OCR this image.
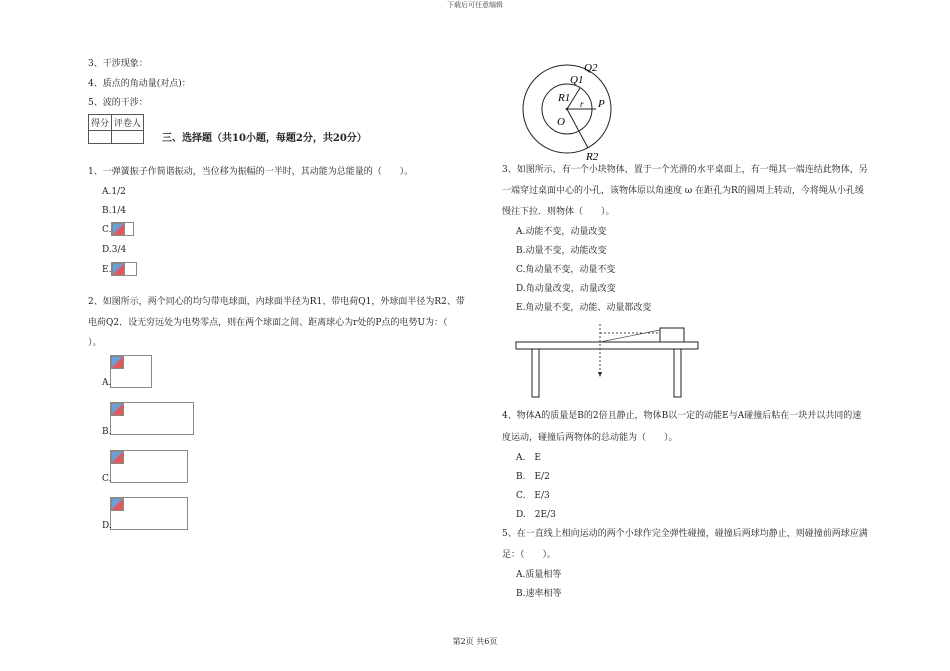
下载后可任意编辑
3、干涉现象：
4、质点的角动量(对点)：
5、波的干涉：
得分	评卷人

三、选择题（共10小题，每题2分，共20分）
1、一弹簧振子作简谐振动，当位移为振幅的一半时，其动能为总能量的（　　）。
A.1/2
B.1/4
C.
D.3/4
E.
2、如图所示，两个同心的均匀带电球面，内球面半径为R1、带电荷Q1，外球面半径为R2、带
电荷Q2．设无穷远处为电势零点，则在两个球面之间、距离球心为r处的P点的电势U为：（
）。
A.
B.
C.
D.
Q2
Q1
R1 r P
O
R2
3、如图所示，有一个小块物体，置于一个光滑的水平桌面上，有一绳其一端连结此物体，另
一端穿过桌面中心的小孔，该物体原以角速度 ω 在距孔为R的圆周上转动，今将绳从小孔缓
慢往下拉．则物体（　　）。
A.动能不变，动量改变
B.动量不变，动能改变
C.角动量不变，动量不变
D.角动量改变，动量改变
E.角动量不变，动能、动量都改变
4、物体A的质量是B的2倍且静止，物体B以一定的动能E与A碰撞后粘在一块并以共同的速
度运动，碰撞后两物体的总动能为（　　）。
A.　E
B.　E/2
C.　E/3
D.　2E/3
5、在一直线上相向运动的两个小球作完全弹性碰撞，碰撞后两球均静止，则碰撞前两球应满
足：（　　）。
A.质量相等
B.速率相等
第2页 共6页
